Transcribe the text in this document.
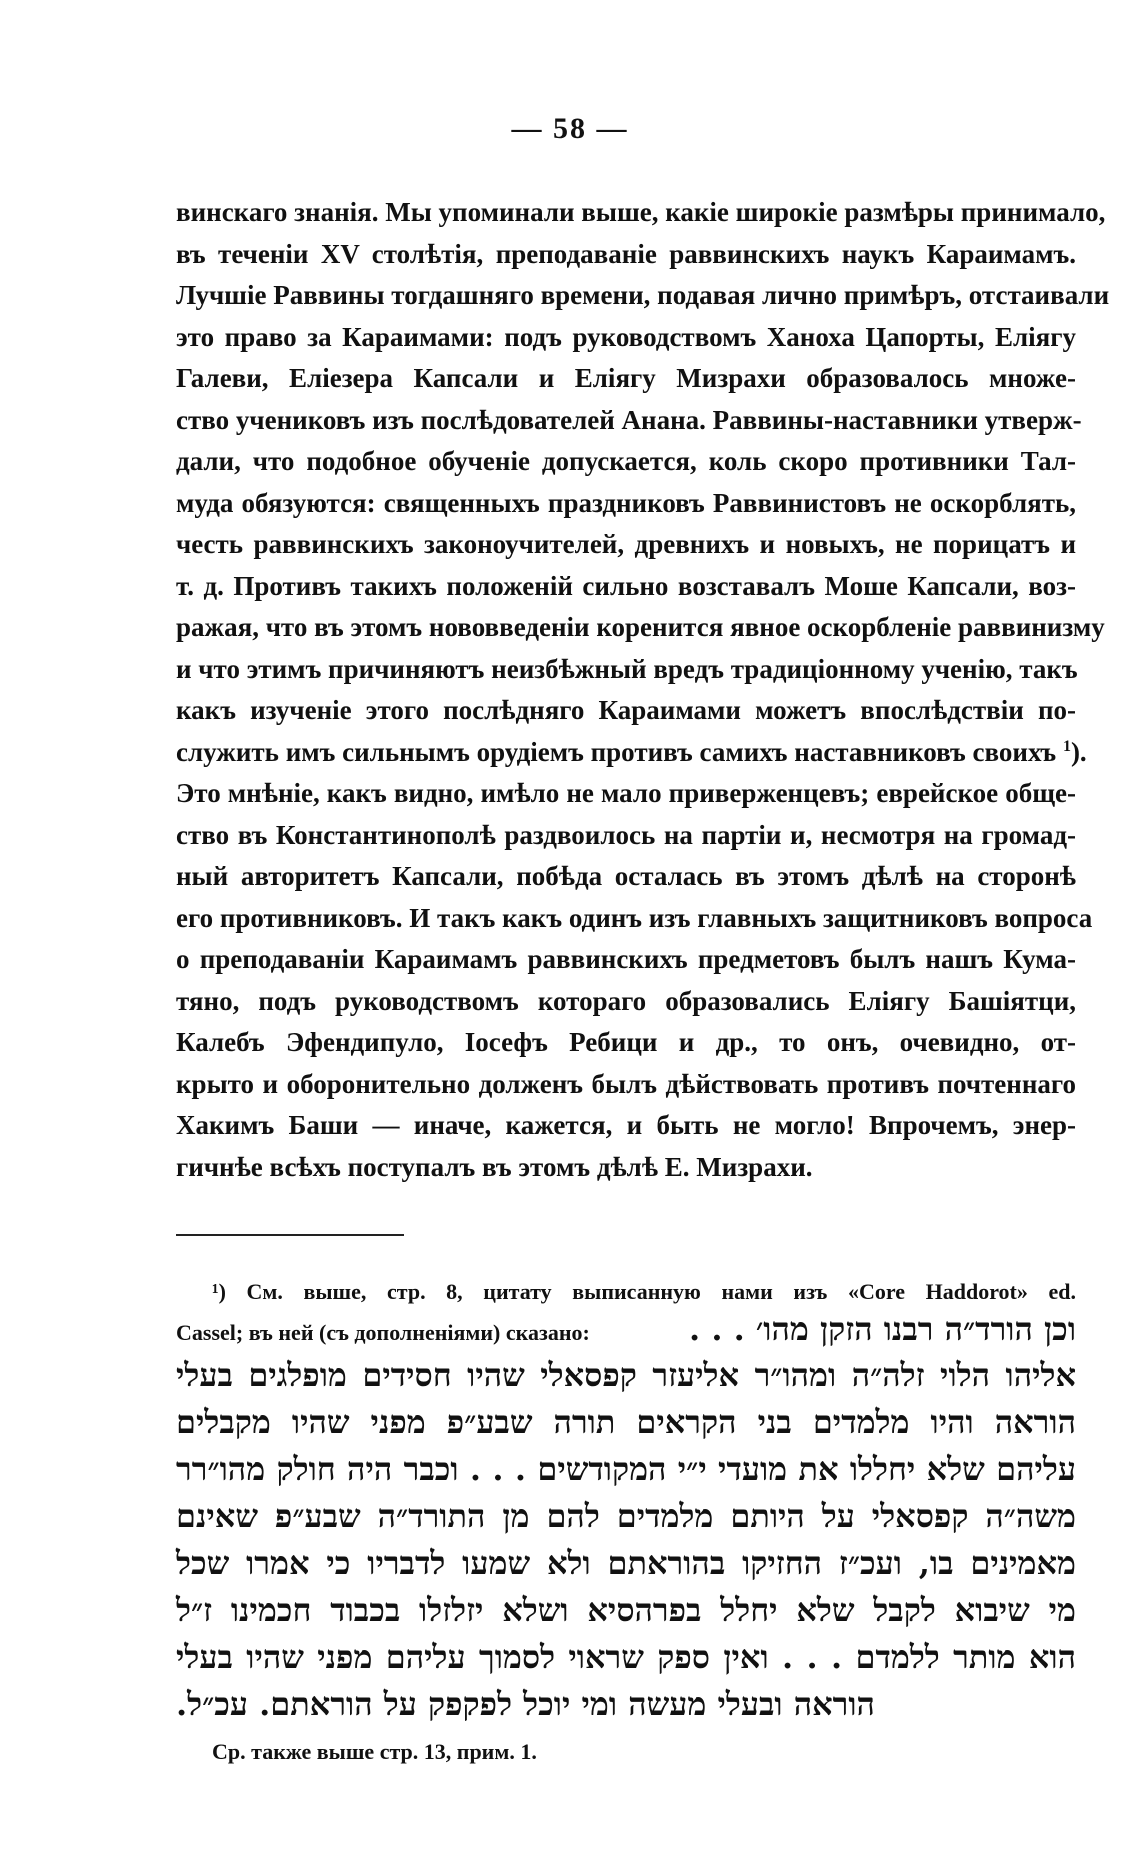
— 58 —
винскаго знанія. Мы упоминали выше, какіе широкіе размѣры принимало,
въ теченіи XV столѣтія, преподаваніе раввинскихъ наукъ Караимамъ.
Лучшіе Раввины тогдашняго времени, подавая лично примѣръ, отстаивали
это право за Караимами: подъ руководствомъ Ханоха Цапорты, Еліягу
Галеви, Еліезера Капсали и Еліягу Мизрахи образовалось множе-
ство учениковъ изъ послѣдователей Анана. Раввины-наставники утверж-
дали, что подобное обученіе допускается, коль скоро противники Тал-
муда обязуются: священныхъ праздниковъ Раввинистовъ не оскорблять,
честь раввинскихъ законоучителей, древнихъ и новыхъ, не порицатъ и
т. д. Противъ такихъ положеній сильно возставалъ Моше Капсали, воз-
ражая, что въ этомъ нововведеніи коренится явное оскорбленіе раввинизму
и что этимъ причиняютъ неизбѣжный вредъ традиціонному ученію, такъ
какъ изученіе этого послѣдняго Караимами можетъ впослѣдствіи по-
служить имъ сильнымъ орудіемъ противъ самихъ наставниковъ своихъ $^1$).
Это мнѣніе, какъ видно, имѣло не мало приверженцевъ; еврейское обще-
ство въ Константинополѣ раздвоилось на партіи и, несмотря на громад-
ный авторитетъ Капсали, побѣда осталась въ этомъ дѣлѣ на сторонѣ
его противниковъ. И такъ какъ одинъ изъ главныхъ защитниковъ вопроса
о преподаваніи Караимамъ раввинскихъ предметовъ былъ нашъ Кума-
тяно, подъ руководствомъ котораго образовались Еліягу Башіятци,
Калебъ Эфендипуло, Іосефъ Ребици и др., то онъ, очевидно, от-
крыто и оборонительно долженъ былъ дѣйствовать противъ почтеннаго
Хакимъ Баши — иначе, кажется, и быть не могло! Впрочемъ, энер-
гичнѣе всѣхъ поступалъ въ этомъ дѣлѣ Е. Мизрахи.
¹) См. выше, стр. 8, цитату выписанную нами изъ «Core Haddorot» ed.
Cassel; въ ней (съ дополненіями) сказано:	וכן הורד״ה רבנו הזקן מהו׳ . . .
אליהו הלוי זלה״ה ומהו״ר אליעזר קפסאלי שהיו חסידים מופלגים בעלי
הוראה והיו מלמדים בני הקראים תורה שבע״פ מפני שהיו מקבלים
עליהם שלא יחללו את מועדי י״י המקודשים . . . וכבר היה חולק מהו״רר
משה״ה קפסאלי על היותם מלמדים להם מן התורד״ה שבע״פ שאינם
מאמינים בו, ועכ״ז החזיקו בהוראתם ולא שמעו לדבריו כי אמרו שכל
מי שיבוא לקבל שלא יחלל בפרהסיא ושלא יזלזלו בכבוד חכמינו ז״ל
הוא מותר ללמדם . . . ואין ספק שראוי לסמוך עליהם מפני שהיו בעלי
הוראה ובעלי מעשה ומי יוכל לפקפק על הוראתם. עכ״ל.
Ср. также выше стр. 13, прим. 1.
